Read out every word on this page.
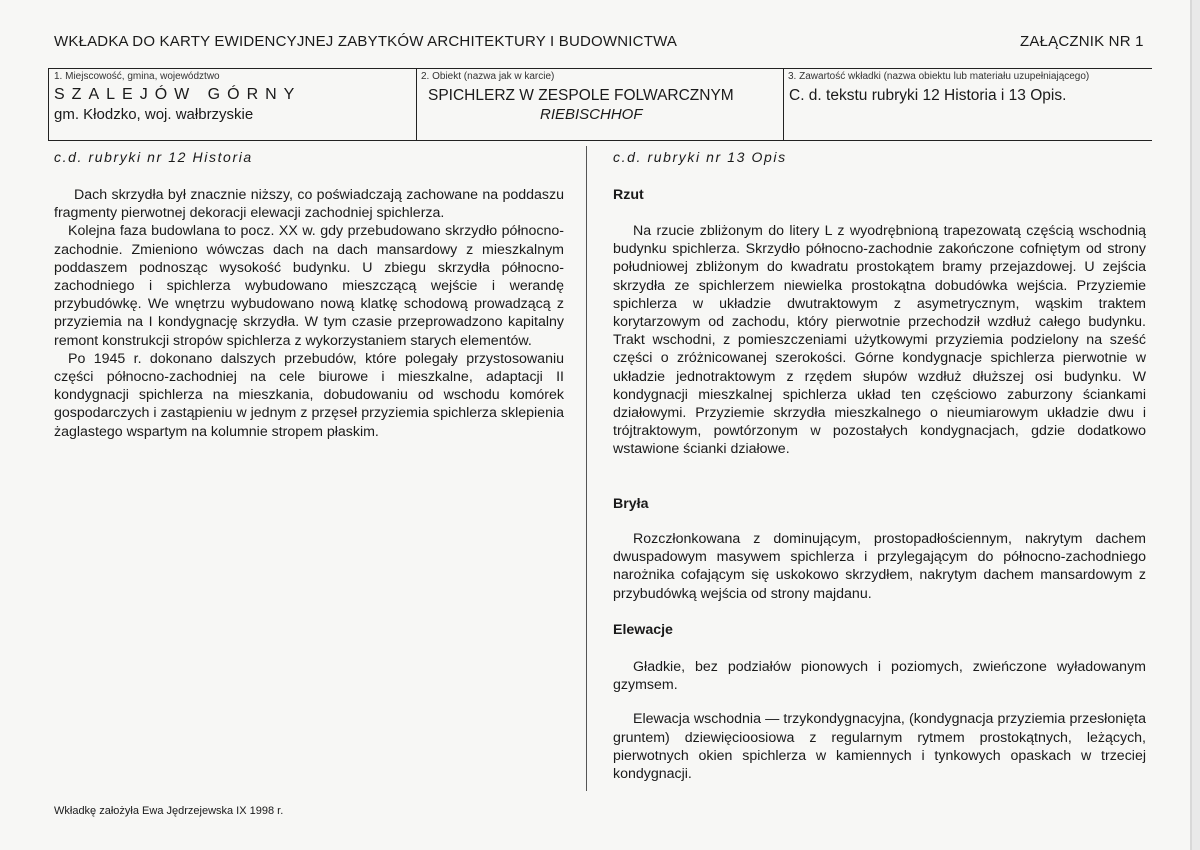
WKŁADKA DO KARTY EWIDENCYJNEJ ZABYTKÓW ARCHITEKTURY I BUDOWNICTWA	ZAŁĄCZNIK NR 1
1. Miejscowość, gmina, województwo
SZALEJÓW GÓRNY
gm. Kłodzko, woj. wałbrzyskie
2. Obiekt (nazwa jak w karcie)
SPICHLERZ W ZESPOLE FOLWARCZNYM
RIEBISCHHOF
3. Zawartość wkładki (nazwa obiektu lub materiału uzupełniającego)
C. d. tekstu rubryki 12 Historia i 13 Opis.
c.d. rubryki nr 12 Historia

Dach skrzydła był znacznie niższy, co poświadczają zachowane na poddaszu fragmenty pierwotnej dekoracji elewacji zachodniej spichlerza.

Kolejna faza budowlana to pocz. XX w. gdy przebudowano skrzydło północno-zachodnie. Zmieniono wówczas dach na dach mansardowy z mieszkalnym poddaszem podnosząc wysokość budynku. U zbiegu skrzydła północno-zachodniego i spichlerza wybudowano mieszczącą wejście i werandę przybudówkę. We wnętrzu wybudowano nową klatkę schodową prowadzącą z przyziemia na I kondygnację skrzydła. W tym czasie przeprowadzono kapitalny remont konstrukcji stropów spichlerza z wykorzystaniem starych elementów.

Po 1945 r. dokonano dalszych przebudów, które polegały przystosowaniu części północno-zachodniej na cele biurowe i mieszkalne, adaptacji II kondygnacji spichlerza na mieszkania, dobudowaniu od wschodu komórek gospodarczych i zastąpieniu w jednym z przęseł przyziemia spichlerza sklepienia żaglastego wspartym na kolumnie stropem płaskim.

c.d. rubryki nr 13 Opis
Rzut

Na rzucie zbliżonym do litery L z wyodrębnioną trapezowatą częścią wschodnią budynku spichlerza. Skrzydło północno-zachodnie zakończone cofniętym od strony południowej zbliżonym do kwadratu prostokątem bramy przejazdowej. U zejścia skrzydła ze spichlerzem niewielka prostokątna dobudówka wejścia. Przyziemie spichlerza w układzie dwutraktowym z asymetrycznym, wąskim traktem korytarzowym od zachodu, który pierwotnie przechodził wzdłuż całego budynku. Trakt wschodni, z pomieszczeniami użytkowymi przyziemia podzielony na sześć części o zróżnicowanej szerokości. Górne kondygnacje spichlerza pierwotnie w układzie jednotraktowym z rzędem słupów wzdłuż dłuższej osi budynku. W kondygnacji mieszkalnej spichlerza układ ten częściowo zaburzony ściankami działowymi. Przyziemie skrzydła mieszkalnego o nieumiarowym układzie dwu i trójtraktowym, powtórzonym w pozostałych kondygnacjach, gdzie dodatkowo wstawione ścianki działowe.

Bryła

Rozczłonkowana z dominującym, prostopadłościennym, nakrytym dachem dwuspadowym masywem spichlerza i przylegającym do północno-zachodniego narożnika cofającym się uskokowo skrzydłem, nakrytym dachem mansardowym z przybudówką wejścia od strony majdanu.

Elewacje

Gładkie, bez podziałów pionowych i poziomych, zwieńczone wyładowanym gzymsem.

Elewacja wschodnia — trzykondygnacyjna, (kondygnacja przyziemia przesłonięta gruntem) dziewięcioosiowa z regularnym rytmem prostokątnych, leżących, pierwotnych okien spichlerza w kamiennych i tynkowych opaskach w trzeciej kondygnacji.

Wkładkę założyła Ewa Jędrzejewska IX 1998 r.
